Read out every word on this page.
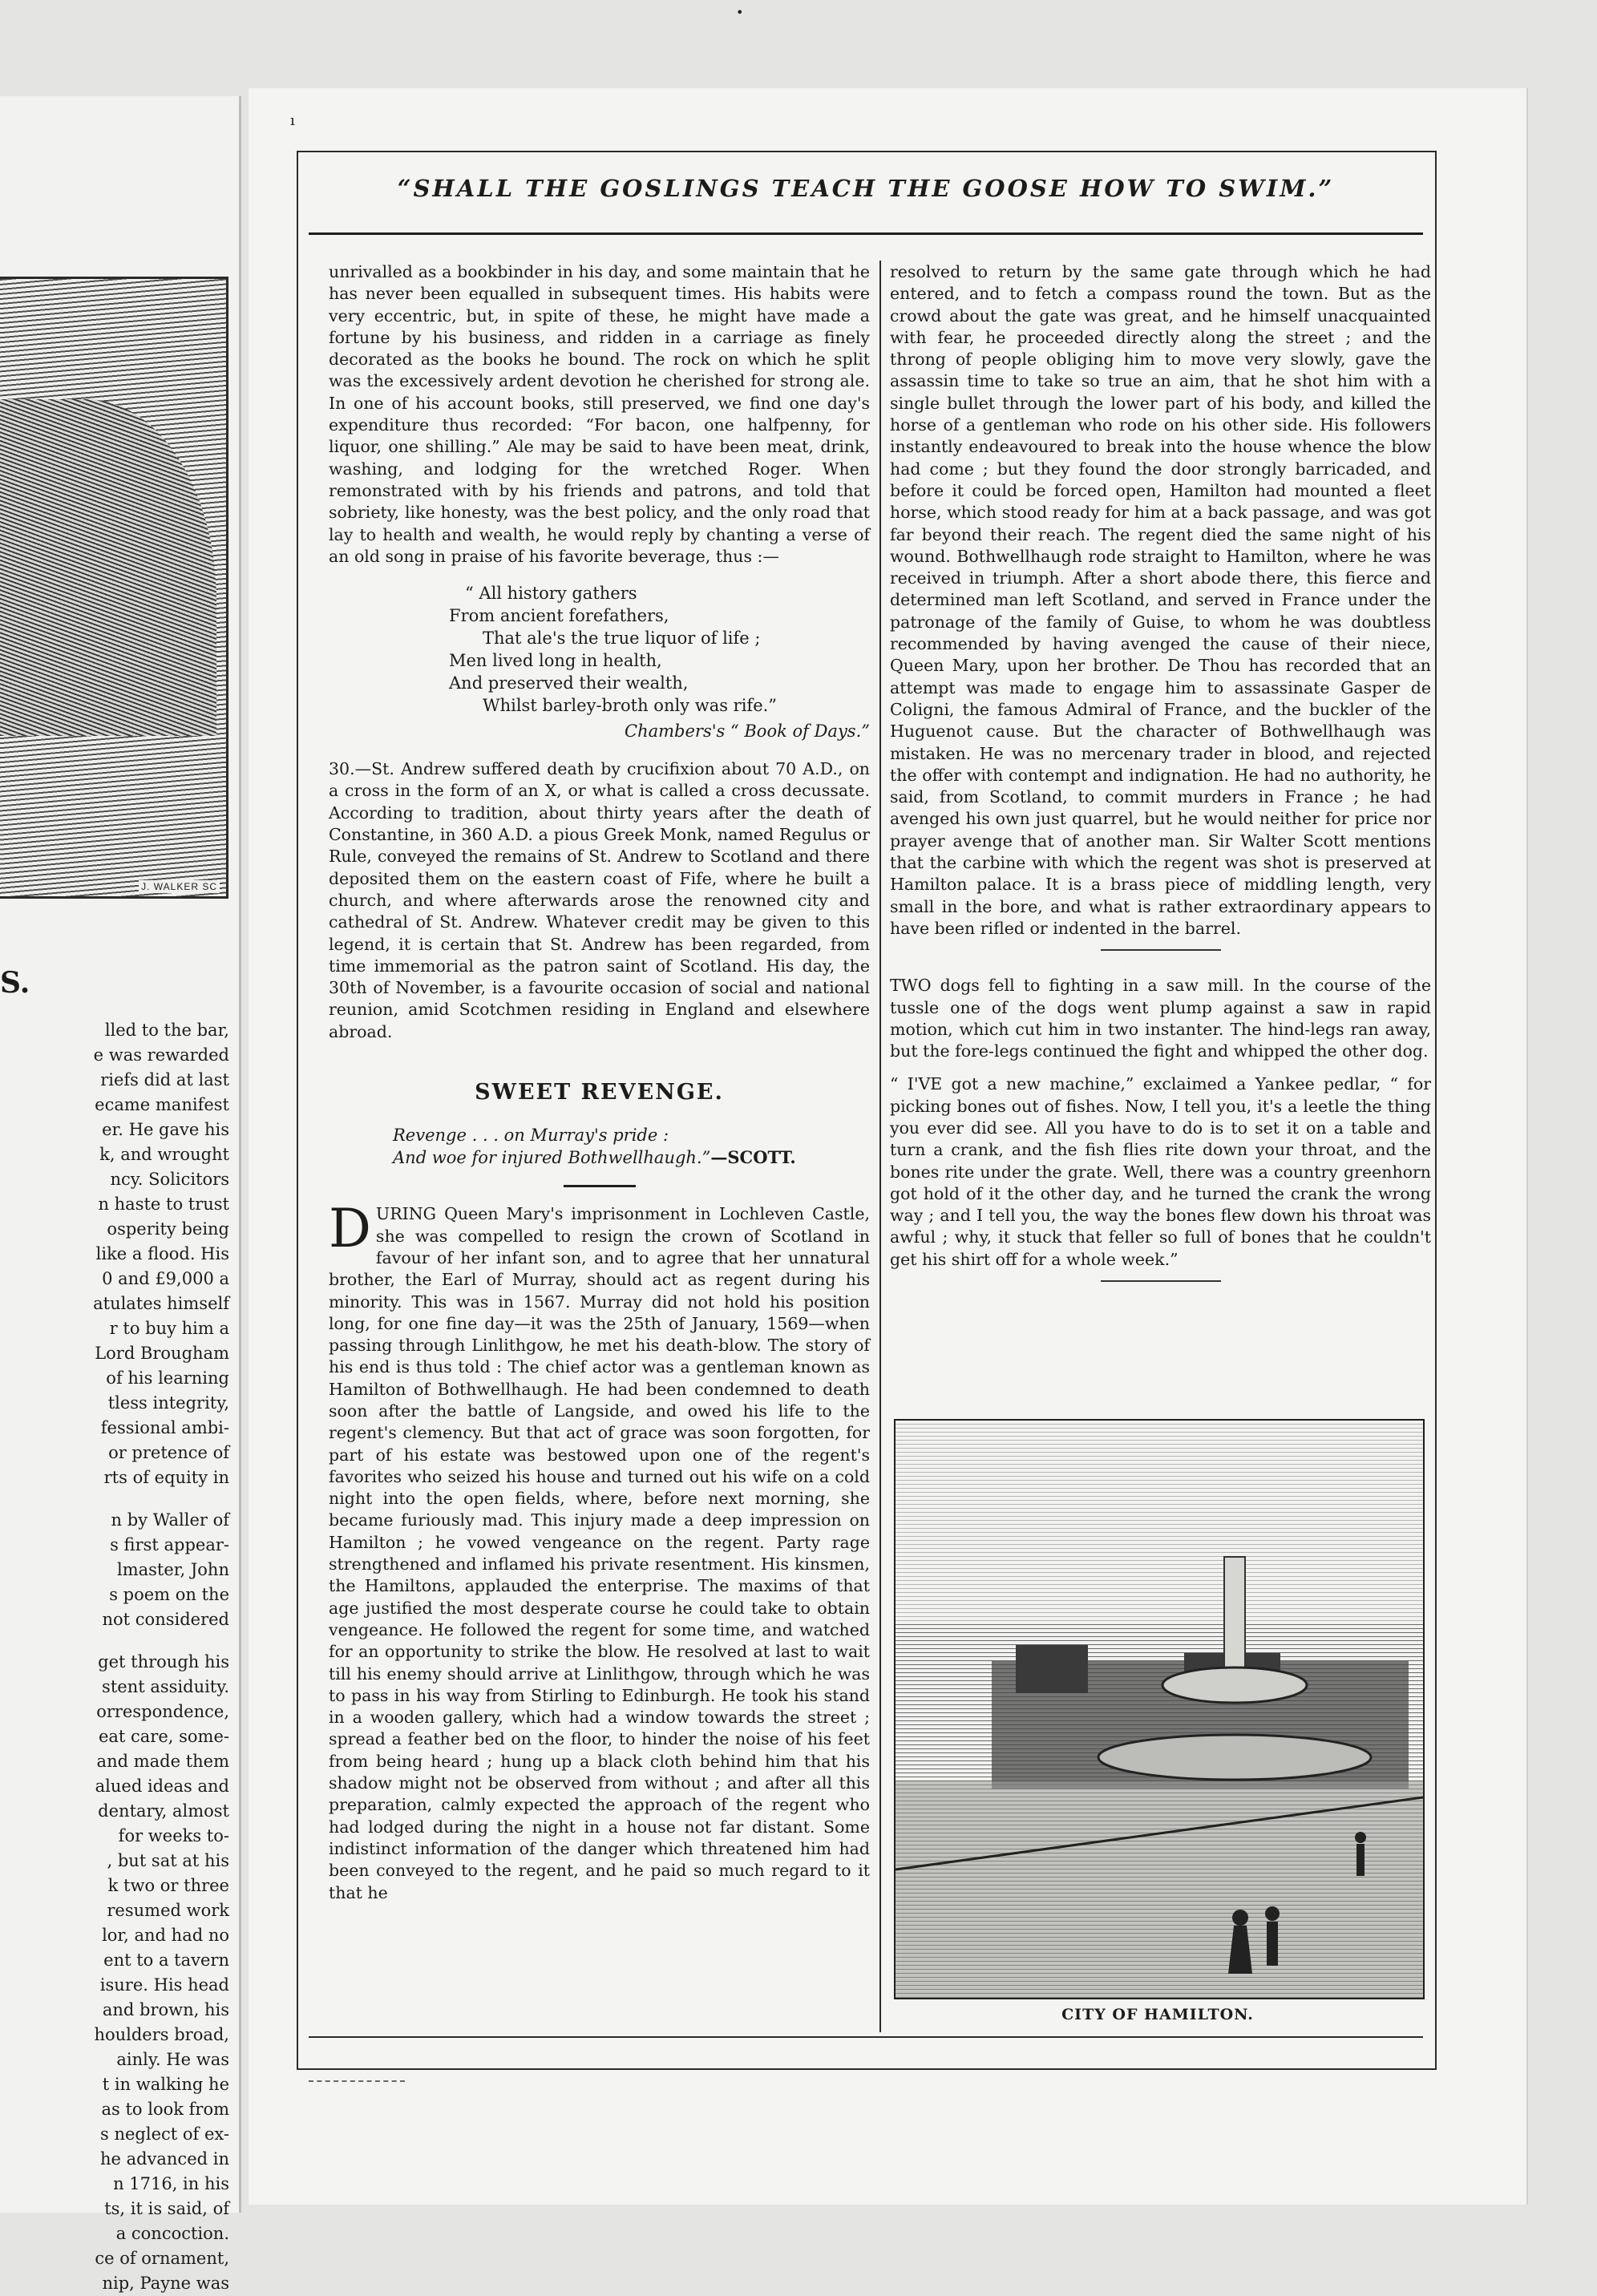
J. WALKER SC
S.
lled to the bar,
e was rewarded
riefs did at last
ecame manifest
er. He gave his
k, and wrought
ncy. Solicitors
n haste to trust
osperity being
like a flood. His
0 and £9,000 a
atulates himself
r to buy him a
Lord Brougham
of his learning
tless integrity,
fessional ambi-
or pretence of
rts of equity in
n by Waller of
s first appear-
lmaster, John
s poem on the
not considered
get through his
stent assiduity.
orrespondence,
eat care, some-
and made them
alued ideas and
dentary, almost
for weeks to-
, but sat at his
k two or three
resumed work
lor, and had no
ent to a tavern
isure. His head
and brown, his
houlders broad,
ainly. He was
t in walking he
as to look from
s neglect of ex-
he advanced in
n 1716, in his
ts, it is said, of
a concoction.
ce of ornament,
nip, Payne was
•
ı
“SHALL THE GOSLINGS TEACH THE GOOSE HOW TO SWIM.”

unrivalled as a bookbinder in his day, and some maintain that he has never been equalled in subsequent times. His habits were very eccentric, but, in spite of these, he might have made a fortune by his business, and ridden in a carriage as finely decorated as the books he bound. The rock on which he split was the excessively ardent devotion he cherished for strong ale. In one of his account books, still preserved, we find one day's expenditure thus recorded: “For bacon, one halfpenny, for liquor, one shilling.” Ale may be said to have been meat, drink, washing, and lodging for the wretched Roger. When remonstrated with by his friends and patrons, and told that sobriety, like honesty, was the best policy, and the only road that lay to health and wealth, he would reply by chanting a verse of an old song in praise of his favorite beverage, thus :—

“ All history gathers
From ancient forefathers,
That ale's the true liquor of life ;
Men lived long in health,
And preserved their wealth,
Whilst barley-broth only was rife.”
Chambers's “ Book of Days.”

30.—St. Andrew suffered death by crucifixion about 70 A.D., on a cross in the form of an X, or what is called a cross decussate. According to tradition, about thirty years after the death of Constantine, in 360 A.D. a pious Greek Monk, named Regulus or Rule, conveyed the remains of St. Andrew to Scotland and there deposited them on the eastern coast of Fife, where he built a church, and where afterwards arose the renowned city and cathedral of St. Andrew. Whatever credit may be given to this legend, it is certain that St. Andrew has been regarded, from time immemorial as the patron saint of Scotland. His day, the 30th of November, is a favourite occasion of social and national reunion, amid Scotchmen residing in England and elsewhere abroad.

SWEET REVENGE.
Revenge . . . on Murray's pride :
And woe for injured Bothwellhaugh.”—SCOTT.

DURING Queen Mary's imprisonment in Lochleven Castle, she was compelled to resign the crown of Scotland in favour of her infant son, and to agree that her unnatural brother, the Earl of Murray, should act as regent during his minority. This was in 1567. Murray did not hold his position long, for one fine day—it was the 25th of January, 1569—when passing through Linlithgow, he met his death-blow. The story of his end is thus told : The chief actor was a gentleman known as Hamilton of Bothwellhaugh. He had been condemned to death soon after the battle of Langside, and owed his life to the regent's clemency. But that act of grace was soon forgotten, for part of his estate was bestowed upon one of the regent's favorites who seized his house and turned out his wife on a cold night into the open fields, where, before next morning, she became furiously mad. This injury made a deep impression on Hamilton ; he vowed vengeance on the regent. Party rage strengthened and inflamed his private resentment. His kinsmen, the Hamiltons, applauded the enterprise. The maxims of that age justified the most desperate course he could take to obtain vengeance. He followed the regent for some time, and watched for an opportunity to strike the blow. He resolved at last to wait till his enemy should arrive at Linlithgow, through which he was to pass in his way from Stirling to Edinburgh. He took his stand in a wooden gallery, which had a window towards the street ; spread a feather bed on the floor, to hinder the noise of his feet from being heard ; hung up a black cloth behind him that his shadow might not be observed from without ; and after all this preparation, calmly expected the approach of the regent who had lodged during the night in a house not far distant. Some indistinct information of the danger which threatened him had been conveyed to the regent, and he paid so much regard to it that he

resolved to return by the same gate through which he had entered, and to fetch a compass round the town. But as the crowd about the gate was great, and he himself unacquainted with fear, he proceeded directly along the street ; and the throng of people obliging him to move very slowly, gave the assassin time to take so true an aim, that he shot him with a single bullet through the lower part of his body, and killed the horse of a gentleman who rode on his other side. His followers instantly endeavoured to break into the house whence the blow had come ; but they found the door strongly barricaded, and before it could be forced open, Hamilton had mounted a fleet horse, which stood ready for him at a back passage, and was got far beyond their reach. The regent died the same night of his wound. Bothwellhaugh rode straight to Hamilton, where he was received in triumph. After a short abode there, this fierce and determined man left Scotland, and served in France under the patronage of the family of Guise, to whom he was doubtless recommended by having avenged the cause of their niece, Queen Mary, upon her brother. De Thou has recorded that an attempt was made to engage him to assassinate Gasper de Coligni, the famous Admiral of France, and the buckler of the Huguenot cause. But the character of Bothwellhaugh was mistaken. He was no mercenary trader in blood, and rejected the offer with contempt and indignation. He had no authority, he said, from Scotland, to commit murders in France ; he had avenged his own just quarrel, but he would neither for price nor prayer avenge that of another man. Sir Walter Scott mentions that the carbine with which the regent was shot is preserved at Hamilton palace. It is a brass piece of middling length, very small in the bore, and what is rather extraordinary appears to have been rifled or indented in the barrel.

TWO dogs fell to fighting in a saw mill. In the course of the tussle one of the dogs went plump against a saw in rapid motion, which cut him in two instanter. The hind-legs ran away, but the fore-legs continued the fight and whipped the other dog.

“ I'VE got a new machine,” exclaimed a Yankee pedlar, “ for picking bones out of fishes. Now, I tell you, it's a leetle the thing you ever did see. All you have to do is to set it on a table and turn a crank, and the fish flies rite down your throat, and the bones rite under the grate. Well, there was a country greenhorn got hold of it the other day, and he turned the crank the wrong way ; and I tell you, the way the bones flew down his throat was awful ; why, it stuck that feller so full of bones that he couldn't get his shirt off for a whole week.”

CITY OF HAMILTON.
